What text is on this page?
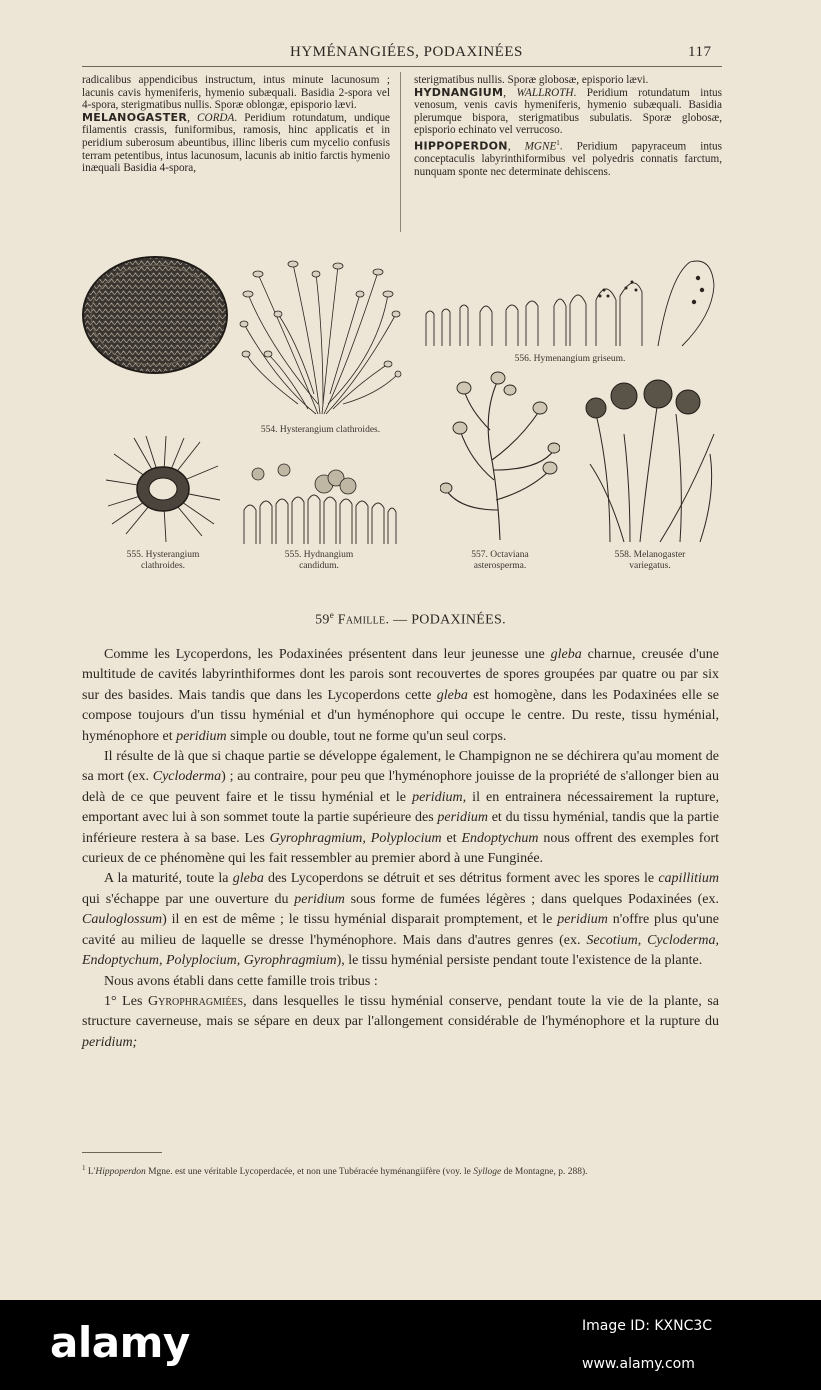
HYMÉNANGIÉES, PODAXINÉES	117

radicalibus appendicibus instructum, intus minute lacunosum ; lacunis cavis hymeniferis, hymenio subæquali. Basidia 2-spora vel 4-spora, sterigmatibus nullis. Sporæ oblongæ, episporio lævi.

MELANOGASTER, CORDA. Peridium rotundatum, undique filamentis crassis, funiformibus, ramosis, hinc applicatis et in peridium suberosum abeuntibus, illinc liberis cum mycelio confusis terram petentibus, intus lacunosum, lacunis ab initio farctis hymenio inæquali Basidia 4-spora,

sterigmatibus nullis. Sporæ globosæ, episporio lævi.

HYDNANGIUM, WALLROTH. Peridium rotundatum intus venosum, venis cavis hymeniferis, hymenio subæquali. Basidia plerumque bispora, sterigmatibus subulatis. Sporæ globosæ, episporio echinato vel verrucoso.

HIPPOPERDON, MGNE$^1$. Peridium papyraceum intus conceptaculis labyrinthiformibus vel polyedris connatis farctum, nunquam sponte nec determinate dehiscens.

554. Hysterangium clathroides.
556. Hymenangium griseum.
555. Hysterangium
clathroides.
555. Hydnangium
candidum.
557. Octaviana
asterosperma.
558. Melanogaster
variegatus.
59e Famille. — PODAXINÉES.

Comme les Lycoperdons, les Podaxinées présentent dans leur jeunesse une gleba charnue, creusée d'une multitude de cavités labyrinthiformes dont les parois sont recouvertes de spores groupées par quatre ou par six sur des basides. Mais tandis que dans les Lycoperdons cette gleba est homogène, dans les Podaxinées elle se compose toujours d'un tissu hyménial et d'un hyménophore qui occupe le centre. Du reste, tissu hyménial, hyménophore et peridium simple ou double, tout ne forme qu'un seul corps.

Il résulte de là que si chaque partie se développe également, le Champignon ne se déchirera qu'au moment de sa mort (ex. Cycloderma) ; au contraire, pour peu que l'hyménophore jouisse de la propriété de s'allonger bien au delà de ce que peuvent faire et le tissu hyménial et le peridium, il en entrainera nécessairement la rupture, emportant avec lui à son sommet toute la partie supérieure des peridium et du tissu hyménial, tandis que la partie inférieure restera à sa base. Les Gyrophragmium, Polyplocium et Endoptychum nous offrent des exemples fort curieux de ce phénomène qui les fait ressembler au premier abord à une Funginée.

A la maturité, toute la gleba des Lycoperdons se détruit et ses détritus forment avec les spores le capillitium qui s'échappe par une ouverture du peridium sous forme de fumées légères ; dans quelques Podaxinées (ex. Cauloglossum) il en est de même ; le tissu hyménial disparait promptement, et le peridium n'offre plus qu'une cavité au milieu de laquelle se dresse l'hyménophore. Mais dans d'autres genres (ex. Secotium, Cycloderma, Endoptychum, Polyplocium, Gyrophragmium), le tissu hyménial persiste pendant toute l'existence de la plante.

Nous avons établi dans cette famille trois tribus :

1° Les Gyrophragmiées, dans lesquelles le tissu hyménial conserve, pendant toute la vie de la plante, sa structure caverneuse, mais se sépare en deux par l'allongement considérable de l'hyménophore et la rupture du peridium;

$^1$ L'Hippoperdon Mgne. est une véritable Lycoperdacée, et non une Tubéracée hyménangiifère (voy. le Sylloge de Montagne, p. 288).
alamy	Image ID: KXNC3C
www.alamy.com
